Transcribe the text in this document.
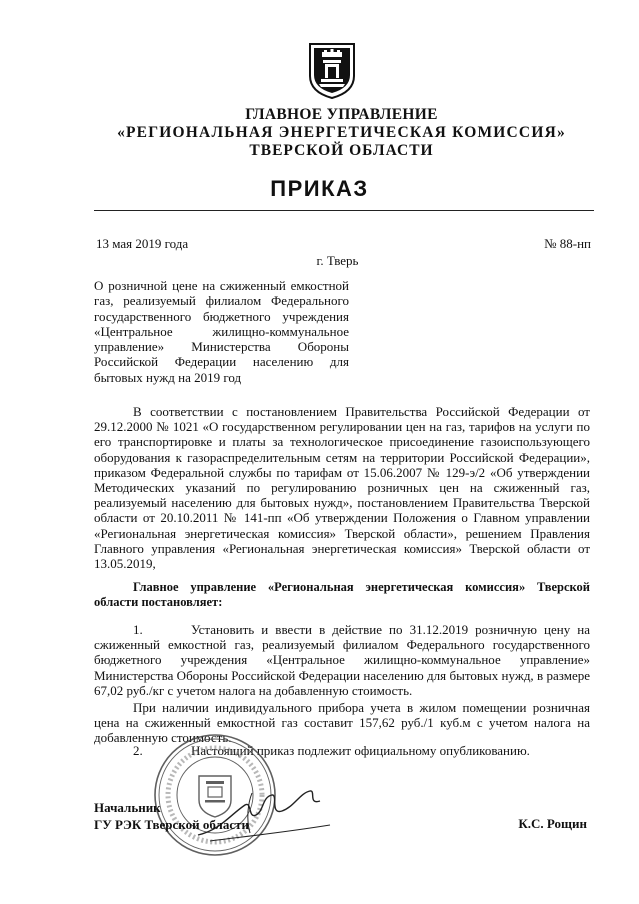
ГЛАВНОЕ УПРАВЛЕНИЕ
«РЕГИОНАЛЬНАЯ ЭНЕРГЕТИЧЕСКАЯ КОМИССИЯ»
ТВЕРСКОЙ ОБЛАСТИ
ПРИКАЗ
13 мая 2019 года	№ 88-нп
г. Тверь
О розничной цене на сжиженный емкостной газ, реализуемый филиалом Федерального государственного бюджетного учреждения «Центральное жилищно-коммунальное управление» Министерства Обороны Российской Федерации населению для бытовых нужд на 2019 год
В соответствии с постановлением Правительства Российской Федерации от 29.12.2000 № 1021 «О государственном регулировании цен на газ, тарифов на услуги по его транспортировке и платы за технологическое присоединение газоиспользующего оборудования к газораспределительным сетям на территории Российской Федерации», приказом Федеральной службы по тарифам от 15.06.2007 № 129-э/2 «Об утверждении Методических указаний по регулированию розничных цен на сжиженный газ, реализуемый населению для бытовых нужд», постановлением Правительства Тверской области от 20.10.2011 № 141-пп «Об утверждении Положения о Главном управлении «Региональная энергетическая комиссия» Тверской области», решением Правления Главного управления «Региональная энергетическая комиссия» Тверской области от 13.05.2019,
Главное управление «Региональная энергетическая комиссия» Тверской области постановляет:
1.	Установить и ввести в действие по 31.12.2019 розничную цену на сжиженный емкостной газ, реализуемый филиалом Федерального государственного бюджетного учреждения «Центральное жилищно-коммунальное управление» Министерства Обороны Российской Федерации населению для бытовых нужд, в размере 67,02 руб./кг с учетом налога на добавленную стоимость.
При наличии индивидуального прибора учета в жилом помещении розничная цена на сжиженный емкостной газ составит 157,62 руб./1 куб.м с учетом налога на добавленную стоимость.
2.	Настоящий приказ подлежит официальному опубликованию.
Начальник
ГУ РЭК Тверской области	К.С. Рощин
